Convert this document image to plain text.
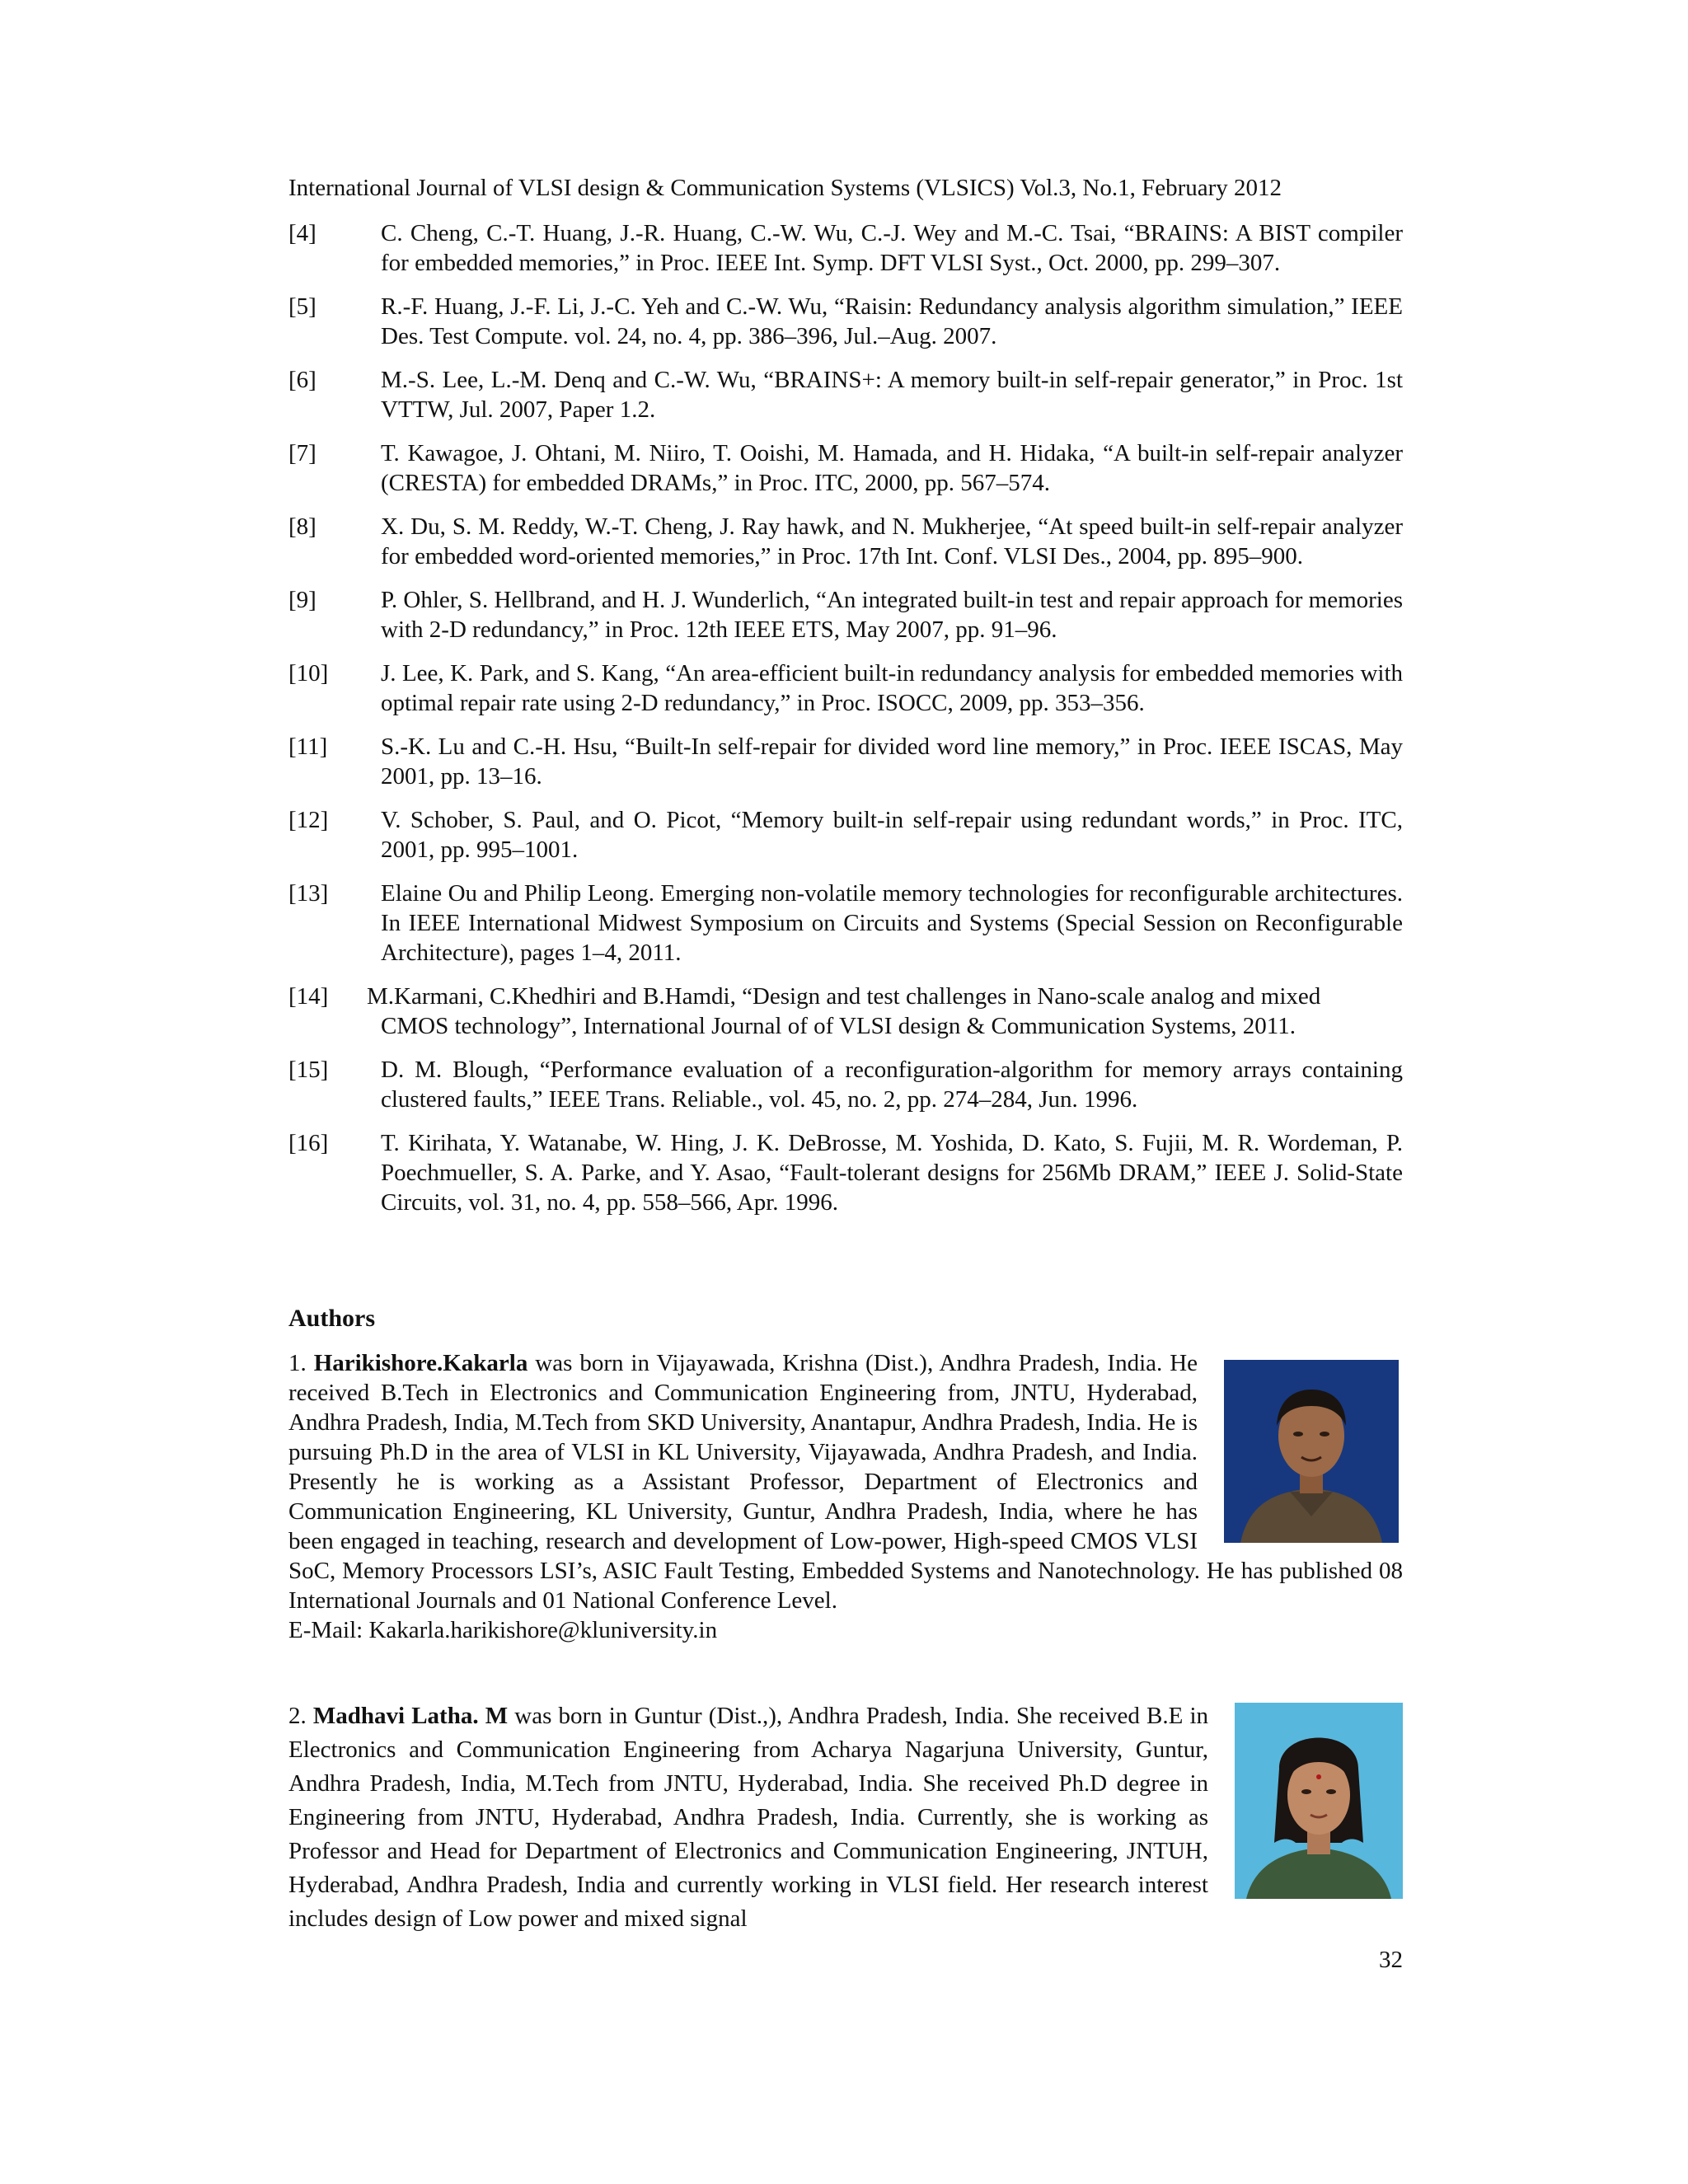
International Journal of VLSI design & Communication Systems (VLSICS) Vol.3, No.1, February 2012
[4]	C. Cheng, C.-T. Huang, J.-R. Huang, C.-W. Wu, C.-J. Wey and M.-C. Tsai, “BRAINS: A BIST compiler for embedded memories,” in Proc. IEEE Int. Symp. DFT VLSI Syst., Oct. 2000, pp. 299–307.
[5]	R.-F. Huang, J.-F. Li, J.-C. Yeh and C.-W. Wu, “Raisin: Redundancy analysis algorithm simulation,” IEEE Des. Test Compute. vol. 24, no. 4, pp. 386–396, Jul.–Aug. 2007.
[6]	M.-S. Lee, L.-M. Denq and C.-W. Wu, “BRAINS+: A memory built-in self-repair generator,” in Proc. 1st VTTW, Jul. 2007, Paper 1.2.
[7]	T. Kawagoe, J. Ohtani, M. Niiro, T. Ooishi, M. Hamada, and H. Hidaka, “A built-in self-repair analyzer (CRESTA) for embedded DRAMs,” in Proc. ITC, 2000, pp. 567–574.
[8]	X. Du, S. M. Reddy, W.-T. Cheng, J. Ray hawk, and N. Mukherjee, “At speed built-in self-repair analyzer for embedded word-oriented memories,” in Proc. 17th Int. Conf. VLSI Des., 2004, pp. 895–900.
[9]	P. Ohler, S. Hellbrand, and H. J. Wunderlich, “An integrated built-in test and repair approach for memories with 2-D redundancy,” in Proc. 12th IEEE ETS, May 2007, pp. 91–96.
[10] J. Lee, K. Park, and S. Kang, “An area-efficient built-in redundancy analysis for embedded memories with optimal repair rate using 2-D redundancy,” in Proc. ISOCC, 2009, pp. 353–356.
[11] S.-K. Lu and C.-H. Hsu, “Built-In self-repair for divided word line memory,” in Proc. IEEE ISCAS, May 2001, pp. 13–16.
[12] V. Schober, S. Paul, and O. Picot, “Memory built-in self-repair using redundant words,” in Proc. ITC, 2001, pp. 995–1001.
[13] Elaine Ou and Philip Leong. Emerging non-volatile memory technologies for reconfigurable architectures. In IEEE International Midwest Symposium on Circuits and Systems (Special Session on Reconfigurable Architecture), pages 1–4, 2011.
[14] M.Karmani, C.Khedhiri and B.Hamdi, “Design and test challenges in Nano-scale analog and mixed
CMOS technology”, International Journal of of VLSI design & Communication Systems, 2011.
[15] D. M. Blough, “Performance evaluation of a reconfiguration-algorithm for memory arrays containing clustered faults,” IEEE Trans. Reliable., vol. 45, no. 2, pp. 274–284, Jun. 1996.
[16] T. Kirihata, Y. Watanabe, W. Hing, J. K. DeBrosse, M. Yoshida, D. Kato, S. Fujii, M. R. Wordeman, P. Poechmueller, S. A. Parke, and Y. Asao, “Fault-tolerant designs for 256Mb DRAM,” IEEE J. Solid-State Circuits, vol. 31, no. 4, pp. 558–566, Apr. 1996.
Authors
1. Harikishore.Kakarla was born in Vijayawada, Krishna (Dist.), Andhra Pradesh, India. He received B.Tech in Electronics and Communication Engineering from, JNTU, Hyderabad, Andhra Pradesh, India, M.Tech from SKD University, Anantapur, Andhra Pradesh, India. He is pursuing Ph.D in the area of VLSI in KL University, Vijayawada, Andhra Pradesh, and India. Presently he is working as a Assistant Professor, Department of Electronics and Communication Engineering, KL University, Guntur, Andhra Pradesh, India, where he has been engaged in teaching, research and development of Low-power, High-speed CMOS VLSI SoC, Memory Processors LSI’s, ASIC Fault Testing, Embedded Systems and Nanotechnology. He has published 08 International Journals and 01 National Conference Level.
E-Mail: Kakarla.harikishore@kluniversity.in
2. Madhavi Latha. M was born in Guntur (Dist.,), Andhra Pradesh, India. She received B.E in Electronics and Communication Engineering from Acharya Nagarjuna University, Guntur, Andhra Pradesh, India, M.Tech from JNTU, Hyderabad, India. She received Ph.D degree in Engineering from JNTU, Hyderabad, Andhra Pradesh, India. Currently, she is working as Professor and Head for Department of Electronics and Communication Engineering, JNTUH, Hyderabad, Andhra Pradesh, India and currently working in VLSI field. Her research interest includes design of Low power and mixed signal
32
